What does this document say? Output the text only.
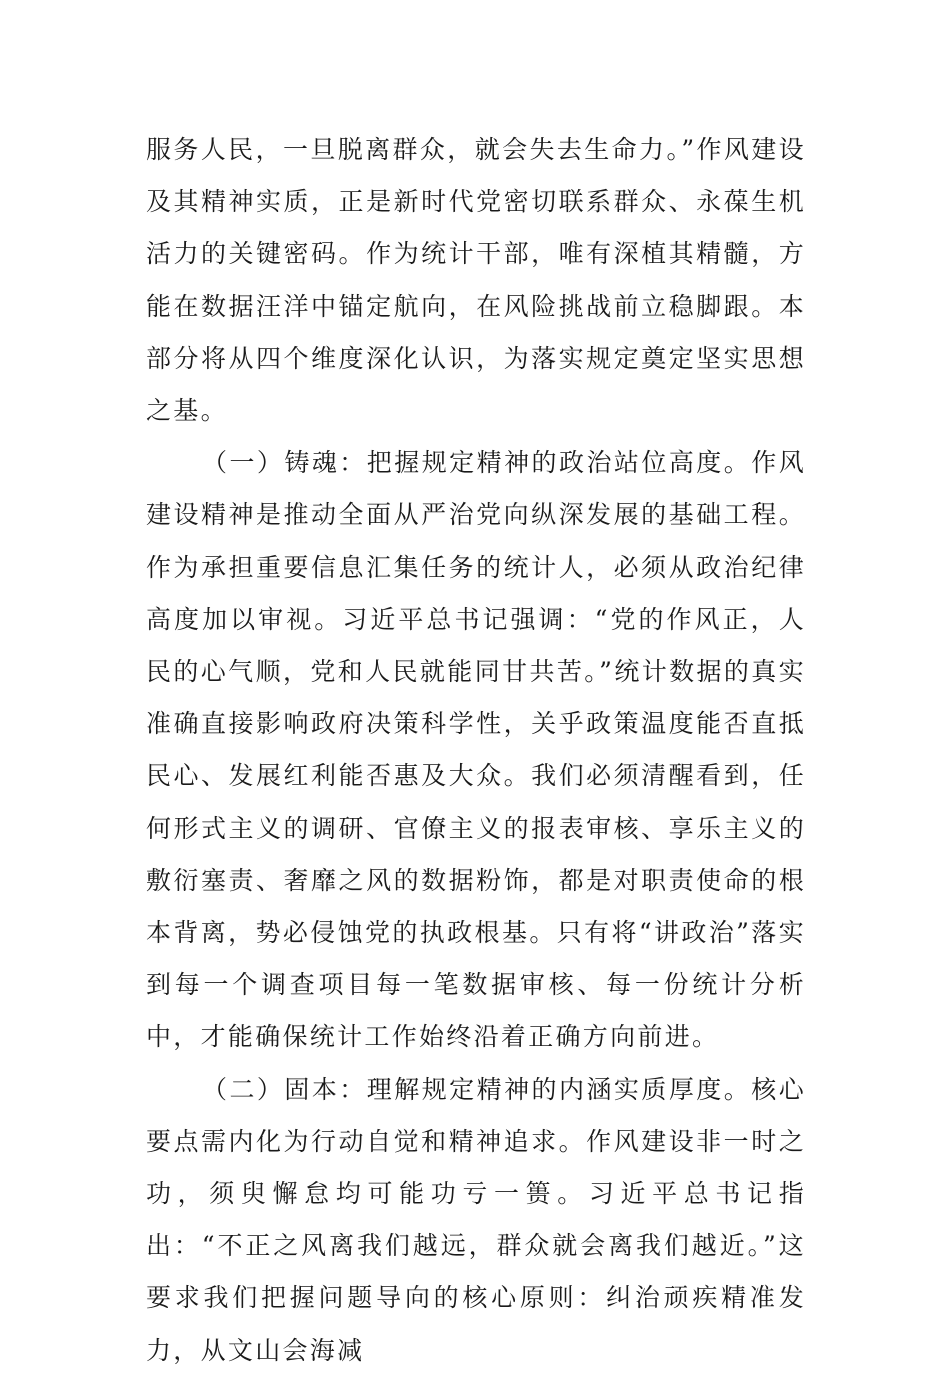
服务人民，一旦脱离群众，就会失去生命力。”作风建设及其精神实质，正是新时代党密切联系群众、永葆生机活力的关键密码。作为统计干部，唯有深植其精髓，方能在数据汪洋中锚定航向，在风险挑战前立稳脚跟。本部分将从四个维度深化认识，为落实规定奠定坚实思想之基。

（一）铸魂：把握规定精神的政治站位高度。作风建设精神是推动全面从严治党向纵深发展的基础工程。作为承担重要信息汇集任务的统计人，必须从政治纪律高度加以审视。习近平总书记强调：“党的作风正，人民的心气顺，党和人民就能同甘共苦。”统计数据的真实准确直接影响政府决策科学性，关乎政策温度能否直抵民心、发展红利能否惠及大众。我们必须清醒看到，任何形式主义的调研、官僚主义的报表审核、享乐主义的敷衍塞责、奢靡之风的数据粉饰，都是对职责使命的根本背离，势必侵蚀党的执政根基。只有将“讲政治”落实到每一个调查项目每一笔数据审核、每一份统计分析中，才能确保统计工作始终沿着正确方向前进。

（二）固本：理解规定精神的内涵实质厚度。核心要点需内化为行动自觉和精神追求。作风建设非一时之功，须臾懈怠均可能功亏一篑。习近平总书记指出：“不正之风离我们越远，群众就会离我们越近。”这要求我们把握问题导向的核心原则：纠治顽疾精准发力，从文山会海减
